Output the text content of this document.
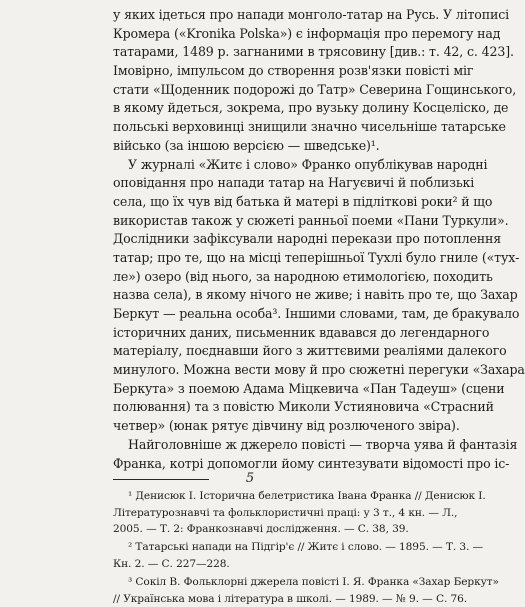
у яких ідеться про напади монголо-татар на Русь. У літописі
Кромера («Kronika Polska») є інформація про перемогу над
татарами, 1489 р. загнаними в трясовину [див.: т. 42, с. 423].
Імовірно, імпульсом до створення розв'язки повісті міг
стати «Щоденник подорожі до Татр» Северина Гощинського,
в якому йдеться, зокрема, про вузьку долину Косцеліско, де
польські верховинці знищили значно чисельніше татарське
військо (за іншою версією — шведське)¹.
У журналі «Житє і слово» Франко опублікував народні
оповідання про напади татар на Нагуєвичі й поблизькі
села, що їх чув від батька й матері в підлітковi роки² й що
використав також у сюжеті ранньої поеми «Пани Туркули».
Дослідники зафіксували народні перекази про потоплення
татар; про те, що на місці теперішньої Тухлі було гниле («тух-
ле») озеро (від нього, за народною етимологією, походить
назва села), в якому нічого не живе; і навіть про те, що Захар
Беркут — реальна особа³. Іншими словами, там, де бракувало
історичних даних, письменник вдавався до легендарного
матеріалу, поєднавши його з життєвими реаліями далекого
минулого. Можна вести мову й про сюжетні перегуки «Захара
Беркута» з поемою Адама Міцкевича «Пан Тадеуш» (сцени
полювання) та з повістю Миколи Устияновича «Страсний
четвер» (юнак рятує дівчину від розлюченого звіра).
Найголовніше ж джерело повісті — творча уява й фантазія
Франка, котрі допомогли йому синтезувати відомості про іс-
¹ Денисюк І. Історична белетристика Івана Франка // Денисюк І.
Літературознавчі та фольклористичні праці: у 3 т., 4 кн. — Л.,
2005. — Т. 2: Франкознавчі дослідження. — С. 38, 39.
² Татарські напади на Підгір'є // Житє і слово. — 1895. — Т. 3. —
Кн. 2. — С. 227—228.
³ Сокіл В. Фольклорні джерела повісті І. Я. Франка «Захар Беркут»
// Українська мова і література в школі. — 1989. — № 9. — С. 76.
5
